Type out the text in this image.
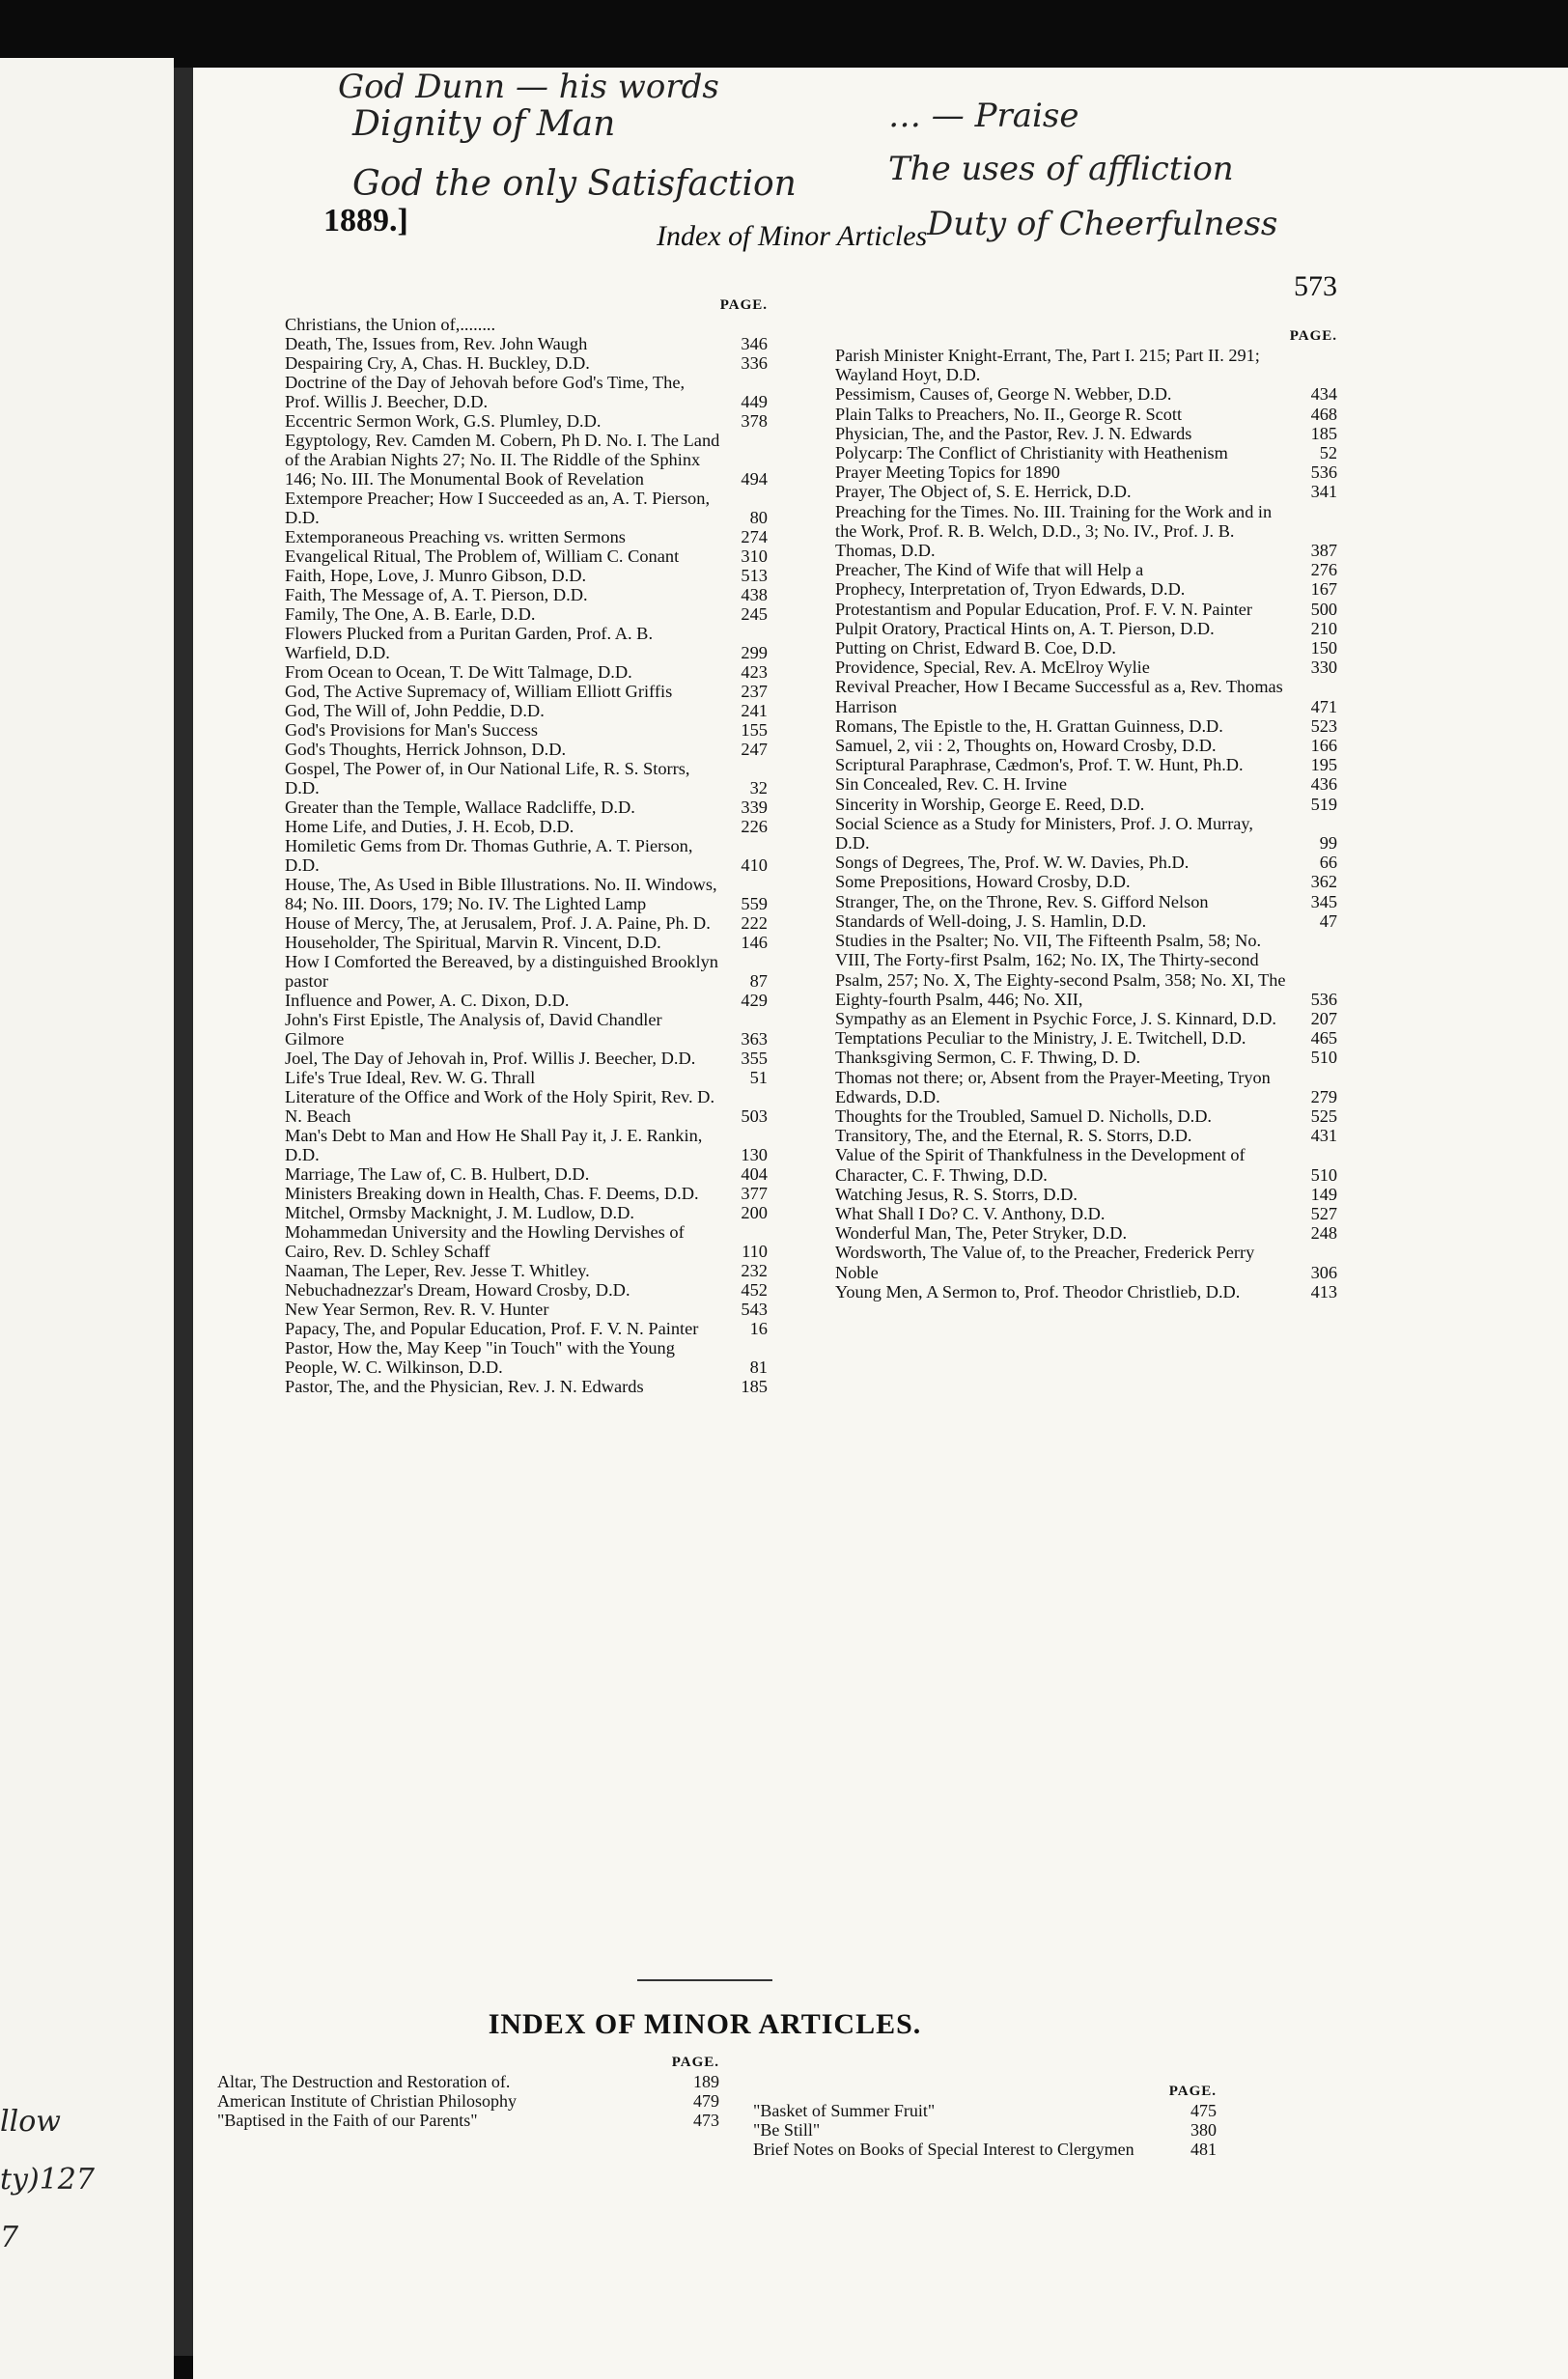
God Dunn — his words
Dignity of Man
God the only Satisfaction
… — Praise
The uses of affliction
Duty of Cheerfulness
1889.]	Index of Minor Articles
573
PAGE.
Christians, the Union of,........
Death, The, Issues from, Rev. John Waugh	346
Despairing Cry, A, Chas. H. Buckley, D.D.	336
Doctrine of the Day of Jehovah before God's Time, The, Prof. Willis J. Beecher, D.D.	449
Eccentric Sermon Work, G.S. Plumley, D.D.	378
Egyptology, Rev. Camden M. Cobern, Ph D. No. I. The Land of the Arabian Nights 27; No. II. The Riddle of the Sphinx 146; No. III. The Monumental Book of Revelation	494
Extempore Preacher; How I Succeeded as an, A. T. Pierson, D.D.	80
Extemporaneous Preaching vs. written Sermons	274
Evangelical Ritual, The Problem of, William C. Conant	310
Faith, Hope, Love, J. Munro Gibson, D.D.	513
Faith, The Message of, A. T. Pierson, D.D.	438
Family, The One, A. B. Earle, D.D.	245
Flowers Plucked from a Puritan Garden, Prof. A. B. Warfield, D.D.	299
From Ocean to Ocean, T. De Witt Talmage, D.D.	423
God, The Active Supremacy of, William Elliott Griffis	237
God, The Will of, John Peddie, D.D.	241
God's Provisions for Man's Success	155
God's Thoughts, Herrick Johnson, D.D.	247
Gospel, The Power of, in Our National Life, R. S. Storrs, D.D.	32
Greater than the Temple, Wallace Radcliffe, D.D.	339
Home Life, and Duties, J. H. Ecob, D.D.	226
Homiletic Gems from Dr. Thomas Guthrie, A. T. Pierson, D.D.	410
House, The, As Used in Bible Illustrations. No. II. Windows, 84; No. III. Doors, 179; No. IV. The Lighted Lamp	559
House of Mercy, The, at Jerusalem, Prof. J. A. Paine, Ph. D.	222
Householder, The Spiritual, Marvin R. Vincent, D.D.	146
How I Comforted the Bereaved, by a distinguished Brooklyn pastor	87
Influence and Power, A. C. Dixon, D.D.	429
John's First Epistle, The Analysis of, David Chandler Gilmore	363
Joel, The Day of Jehovah in, Prof. Willis J. Beecher, D.D.	355
Life's True Ideal, Rev. W. G. Thrall	51
Literature of the Office and Work of the Holy Spirit, Rev. D. N. Beach	503
Man's Debt to Man and How He Shall Pay it, J. E. Rankin, D.D.	130
Marriage, The Law of, C. B. Hulbert, D.D.	404
Ministers Breaking down in Health, Chas. F. Deems, D.D.	377
Mitchel, Ormsby Macknight, J. M. Ludlow, D.D.	200
Mohammedan University and the Howling Dervishes of Cairo, Rev. D. Schley Schaff	110
Naaman, The Leper, Rev. Jesse T. Whitley.	232
Nebuchadnezzar's Dream, Howard Crosby, D.D.	452
New Year Sermon, Rev. R. V. Hunter	543
Papacy, The, and Popular Education, Prof. F. V. N. Painter	16
Pastor, How the, May Keep "in Touch" with the Young People, W. C. Wilkinson, D.D.	81
Pastor, The, and the Physician, Rev. J. N. Edwards	185
PAGE.
Parish Minister Knight-Errant, The, Part I. 215; Part II. 291; Wayland Hoyt, D.D.
Pessimism, Causes of, George N. Webber, D.D.	434
Plain Talks to Preachers, No. II., George R. Scott	468
Physician, The, and the Pastor, Rev. J. N. Edwards	185
Polycarp: The Conflict of Christianity with Heathenism	52
Prayer Meeting Topics for 1890	536
Prayer, The Object of, S. E. Herrick, D.D.	341
Preaching for the Times. No. III. Training for the Work and in the Work, Prof. R. B. Welch, D.D., 3; No. IV., Prof. J. B. Thomas, D.D.	387
Preacher, The Kind of Wife that will Help a	276
Prophecy, Interpretation of, Tryon Edwards, D.D.	167
Protestantism and Popular Education, Prof. F. V. N. Painter	500
Pulpit Oratory, Practical Hints on, A. T. Pierson, D.D.	210
Putting on Christ, Edward B. Coe, D.D.	150
Providence, Special, Rev. A. McElroy Wylie	330
Revival Preacher, How I Became Successful as a, Rev. Thomas Harrison	471
Romans, The Epistle to the, H. Grattan Guinness, D.D.	523
Samuel, 2, vii : 2, Thoughts on, Howard Crosby, D.D.	166
Scriptural Paraphrase, Cædmon's, Prof. T. W. Hunt, Ph.D.	195
Sin Concealed, Rev. C. H. Irvine	436
Sincerity in Worship, George E. Reed, D.D.	519
Social Science as a Study for Ministers, Prof. J. O. Murray, D.D.	99
Songs of Degrees, The, Prof. W. W. Davies, Ph.D.	66
Some Prepositions, Howard Crosby, D.D.	362
Stranger, The, on the Throne, Rev. S. Gifford Nelson	345
Standards of Well-doing, J. S. Hamlin, D.D.	47
Studies in the Psalter; No. VII, The Fifteenth Psalm, 58; No. VIII, The Forty-first Psalm, 162; No. IX, The Thirty-second Psalm, 257; No. X, The Eighty-second Psalm, 358; No. XI, The Eighty-fourth Psalm, 446; No. XII,	536
Sympathy as an Element in Psychic Force, J. S. Kinnard, D.D.	207
Temptations Peculiar to the Ministry, J. E. Twitchell, D.D.	465
Thanksgiving Sermon, C. F. Thwing, D. D.	510
Thomas not there; or, Absent from the Prayer-Meeting, Tryon Edwards, D.D.	279
Thoughts for the Troubled, Samuel D. Nicholls, D.D.	525
Transitory, The, and the Eternal, R. S. Storrs, D.D.	431
Value of the Spirit of Thankfulness in the Development of Character, C. F. Thwing, D.D.	510
Watching Jesus, R. S. Storrs, D.D.	149
What Shall I Do? C. V. Anthony, D.D.	527
Wonderful Man, The, Peter Stryker, D.D.	248
Wordsworth, The Value of, to the Preacher, Frederick Perry Noble	306
Young Men, A Sermon to, Prof. Theodor Christlieb, D.D.	413
INDEX OF MINOR ARTICLES.
PAGE.
Altar, The Destruction and Restoration of.	189
American Institute of Christian Philosophy	479
"Baptised in the Faith of our Parents"	473
PAGE.
"Basket of Summer Fruit"	475
"Be Still"	380
Brief Notes on Books of Special Interest to Clergymen	481
llow
ty)127
7
